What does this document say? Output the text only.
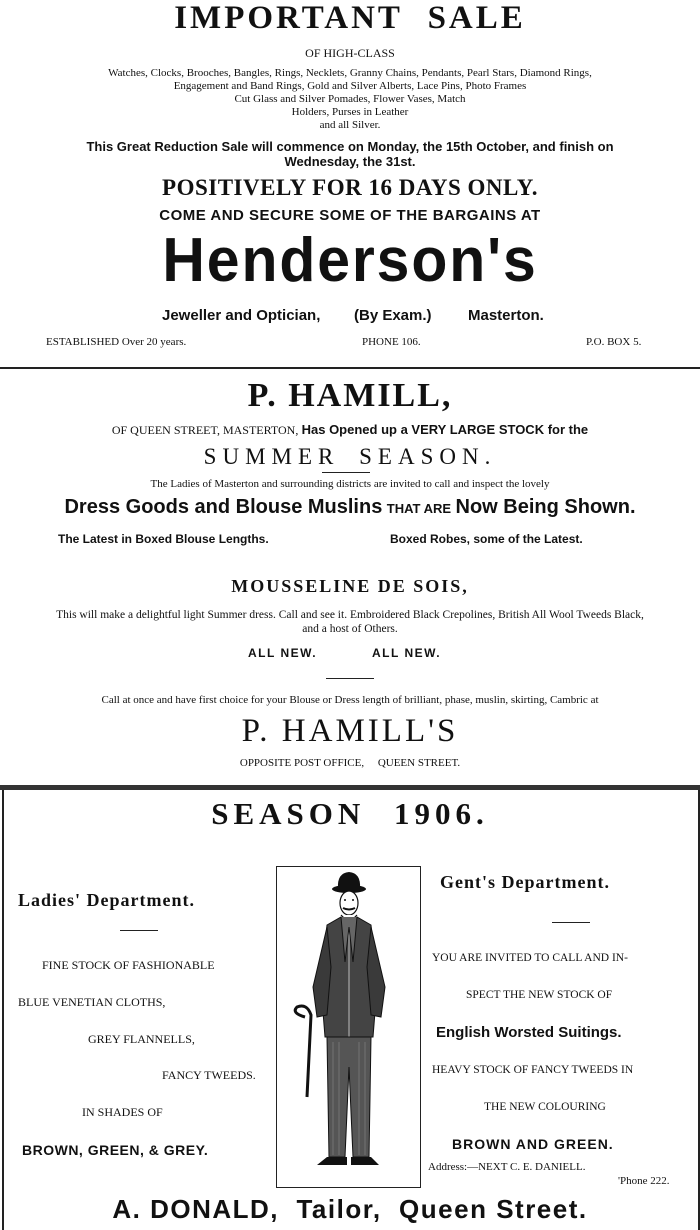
IMPORTANT SALE
OF HIGH-CLASS
Watches, Clocks, Brooches, Bangles, Rings, Necklets, Granny Chains, Pendants, Pearl Stars, Diamond Rings,
Engagement and Band Rings, Gold and Silver Alberts, Lace Pins, Photo Frames
Cut Glass and Silver Pomades, Flower Vases, Match
Holders, Purses in Leather
and all Silver.
This Great Reduction Sale will commence on Monday, the 15th October, and finish on
Wednesday, the 31st.
POSITIVELY FOR 16 DAYS ONLY.
COME AND SECURE SOME OF THE BARGAINS AT
Henderson's
Jeweller and Optician, (By Exam.) Masterton.
ESTABLISHED Over 20 years.	PHONE 106.	P.O. BOX 5.
P. HAMILL,
OF QUEEN STREET, MASTERTON, Has Opened up a VERY LARGE STOCK for the
SUMMER SEASON.
The Ladies of Masterton and surrounding districts are invited to call and inspect the lovely
Dress Goods and Blouse Muslins THAT ARE Now Being Shown.
The Latest in Boxed Blouse Lengths.	Boxed Robes, some of the Latest.
MOUSSELINE DE SOIS,
This will make a delightful light Summer dress. Call and see it. Embroidered Black Crepolines, British All Wool Tweeds Black,
and a host of Others.
ALL NEW.	ALL NEW.
Call at once and have first choice for your Blouse or Dress length of brilliant, phase, muslin, skirting, Cambric at
P. HAMILL'S
OPPOSITE POST OFFICE,     QUEEN STREET.
SEASON 1906.
Ladies' Department.
FINE STOCK OF FASHIONABLE
BLUE VENETIAN CLOTHS,
GREY FLANNELLS,
FANCY TWEEDS.
IN SHADES OF
BROWN, GREEN, & GREY.
Gent's Department.
YOU ARE INVITED TO CALL AND IN-
SPECT THE NEW STOCK OF
English Worsted Suitings.
HEAVY STOCK OF FANCY TWEEDS IN
THE NEW COLOURING
BROWN AND GREEN.
Address:—NEXT C. E. DANIELL.
'Phone 222.
A. DONALD,  Tailor,  Queen Street.
